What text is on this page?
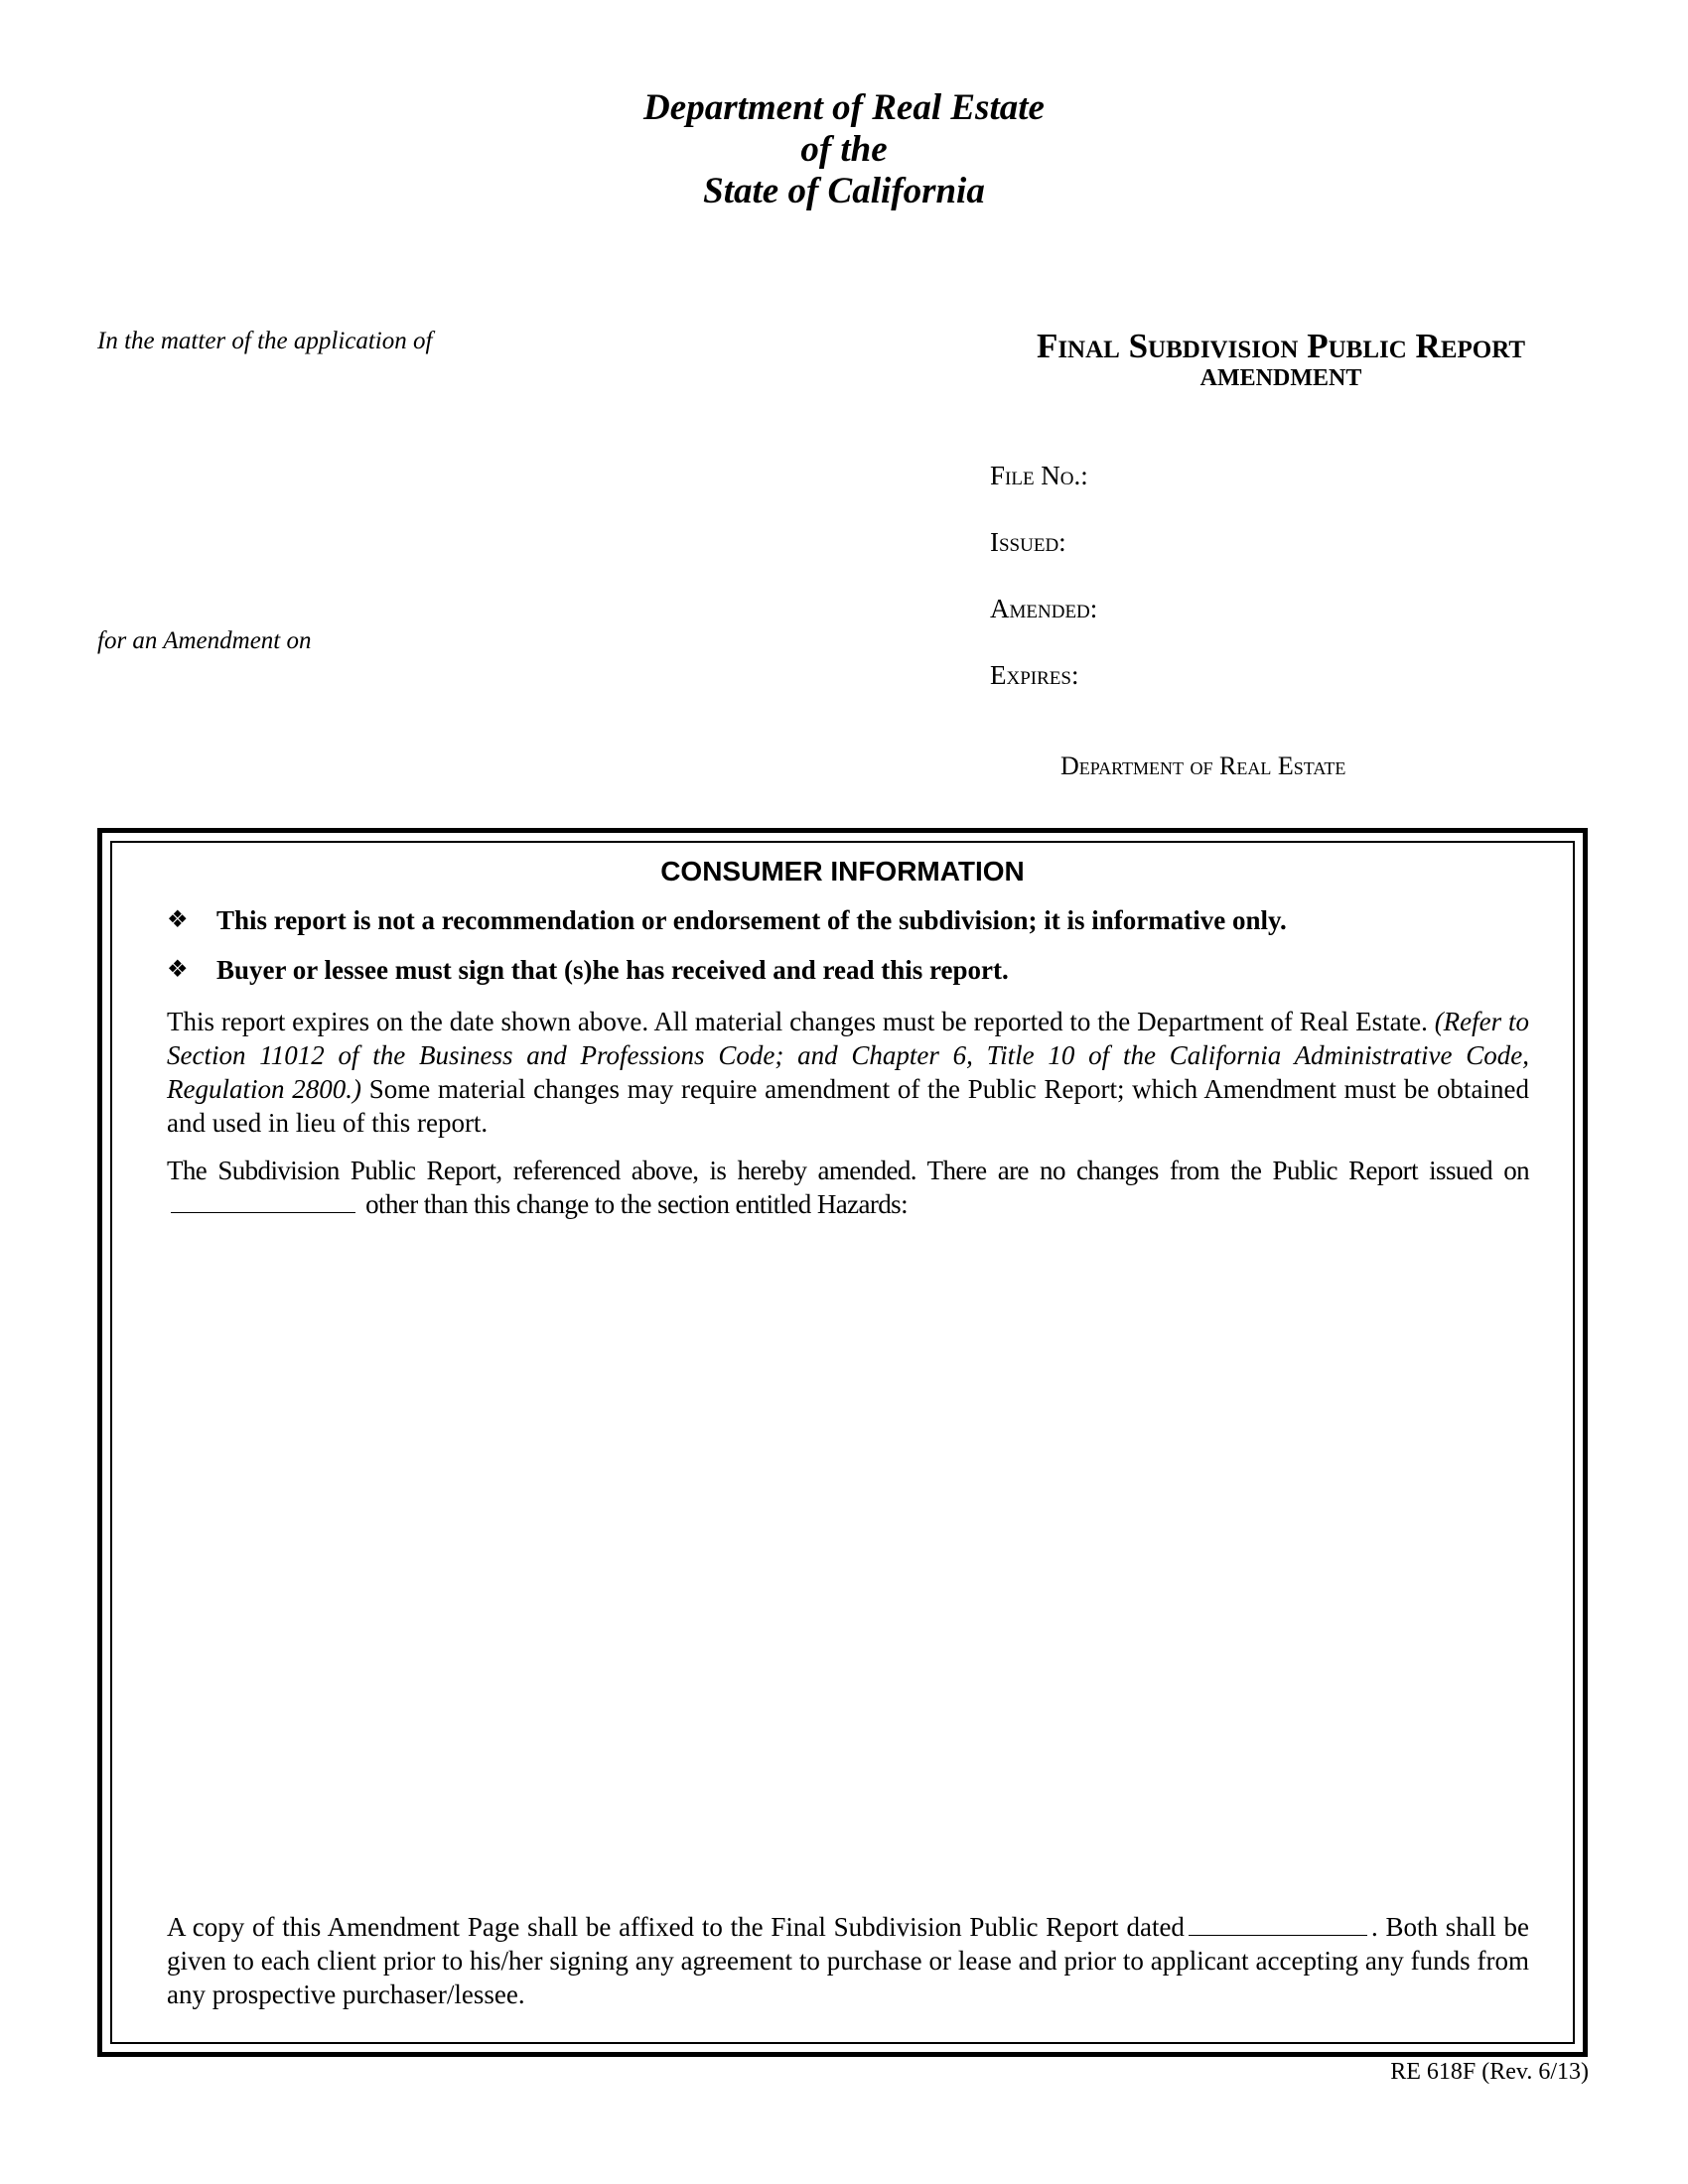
Department of Real Estate
of the
State of California
In the matter of the application of
for an Amendment on
Final Subdivision Public Report
AMENDMENT
File No.:
Issued:
Amended:
Expires:
Department of Real Estate
CONSUMER INFORMATION
❖ This report is not a recommendation or endorsement of the subdivision; it is informative only.
❖ Buyer or lessee must sign that (s)he has received and read this report.
This report expires on the date shown above. All material changes must be reported to the Department of Real Estate. (Refer to Section 11012 of the Business and Professions Code; and Chapter 6, Title 10 of the California Administrative Code, Regulation 2800.) Some material changes may require amendment of the Public Report; which Amendment must be obtained and used in lieu of this report.
The Subdivision Public Report, referenced above, is hereby amended. There are no changes from the Public Report issued on  other than this change to the section entitled Hazards:
A copy of this Amendment Page shall be affixed to the Final Subdivision Public Report dated	. Both shall be given to each client prior to his/her signing any agreement to purchase or lease and prior to applicant accepting any funds from any prospective purchaser/lessee.
RE 618F (Rev. 6/13)
